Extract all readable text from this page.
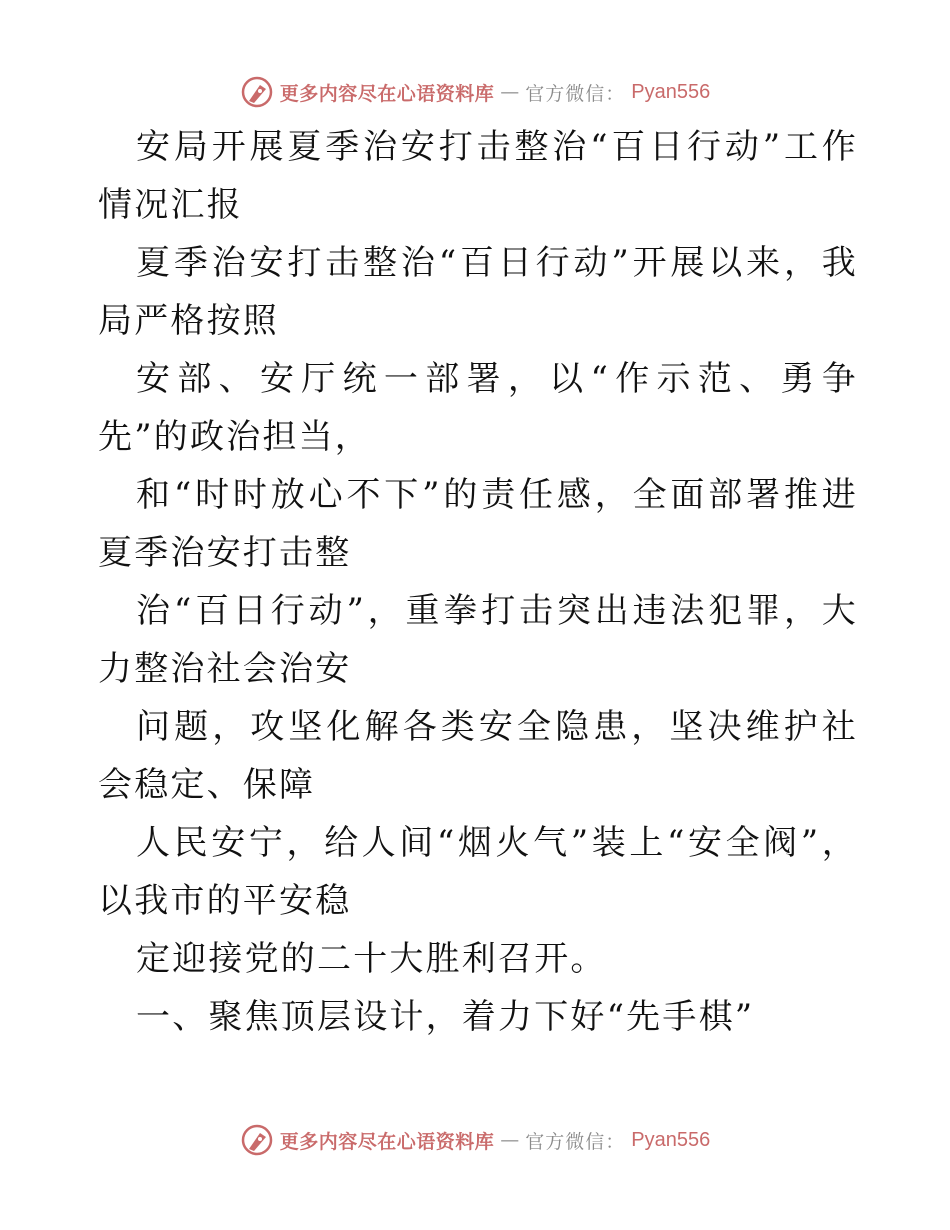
更多内容尽在心语资料库 — 官方微信： Pyan556

安局开展夏季治安打击整治“百日行动”工作情况汇报

夏季治安打击整治“百日行动”开展以来，我局严格按照

安部、安厅统一部署，以“作示范、勇争先”的政治担当，

和“时时放心不下”的责任感，全面部署推进夏季治安打击整

治“百日行动”，重拳打击突出违法犯罪，大力整治社会治安

问题，攻坚化解各类安全隐患，坚决维护社会稳定、保障

人民安宁，给人间“烟火气”装上“安全阀”，以我市的平安稳

定迎接党的二十大胜利召开。

一、聚焦顶层设计，着力下好“先手棋”

更多内容尽在心语资料库 — 官方微信： Pyan556
